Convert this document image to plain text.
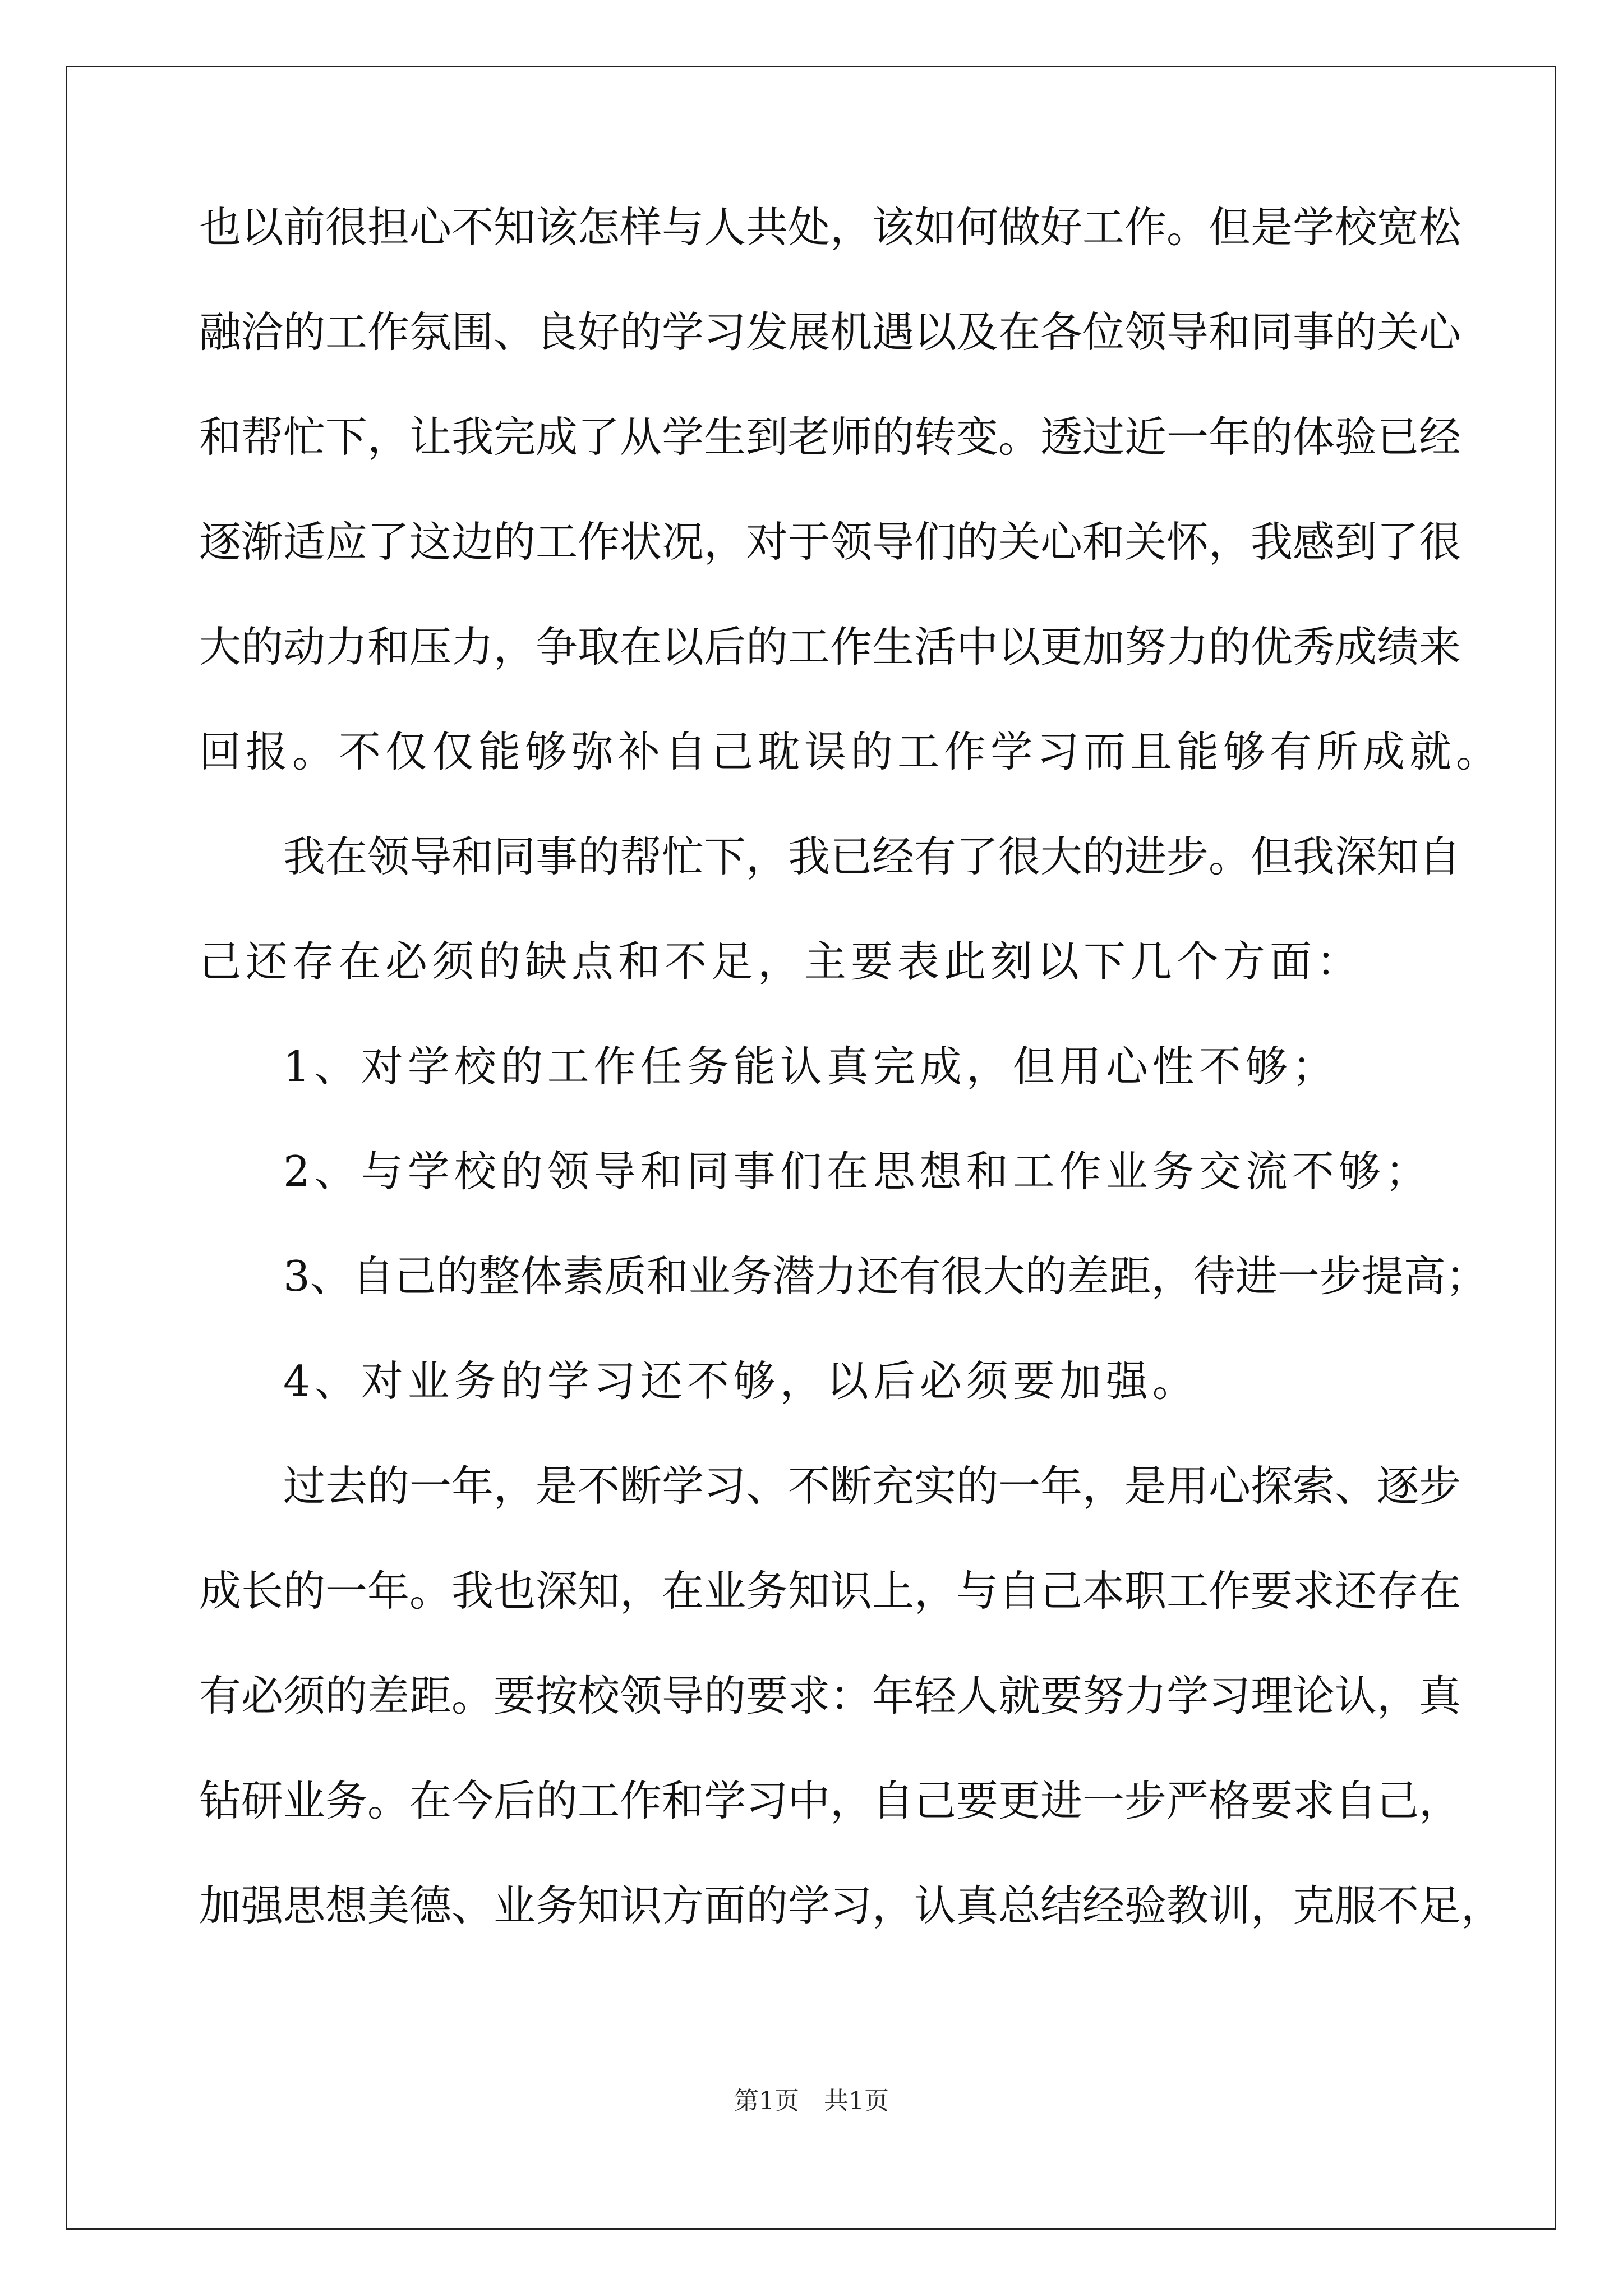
也以前很担心不知该怎样与人共处，该如何做好工作。但是学校宽松
融洽的工作氛围、良好的学习发展机遇以及在各位领导和同事的关心
和帮忙下，让我完成了从学生到老师的转变。透过近一年的体验已经
逐渐适应了这边的工作状况，对于领导们的关心和关怀，我感到了很
大的动力和压力，争取在以后的工作生活中以更加努力的优秀成绩来
回报。不仅仅能够弥补自己耽误的工作学习而且能够有所成就。
我在领导和同事的帮忙下，我已经有了很大的进步。但我深知自
己还存在必须的缺点和不足，主要表此刻以下几个方面：
1、对学校的工作任务能认真完成，但用心性不够；
2、与学校的领导和同事们在思想和工作业务交流不够；
3、自己的整体素质和业务潜力还有很大的差距，待进一步提高；
4、对业务的学习还不够，以后必须要加强。
过去的一年，是不断学习、不断充实的一年，是用心探索、逐步
成长的一年。我也深知，在业务知识上，与自己本职工作要求还存在
有必须的差距。要按校领导的要求：年轻人就要努力学习理论认，真
钻研业务。在今后的工作和学习中，自己要更进一步严格要求自己，
加强思想美德、业务知识方面的学习，认真总结经验教训，克服不足，
第1页　共1页
